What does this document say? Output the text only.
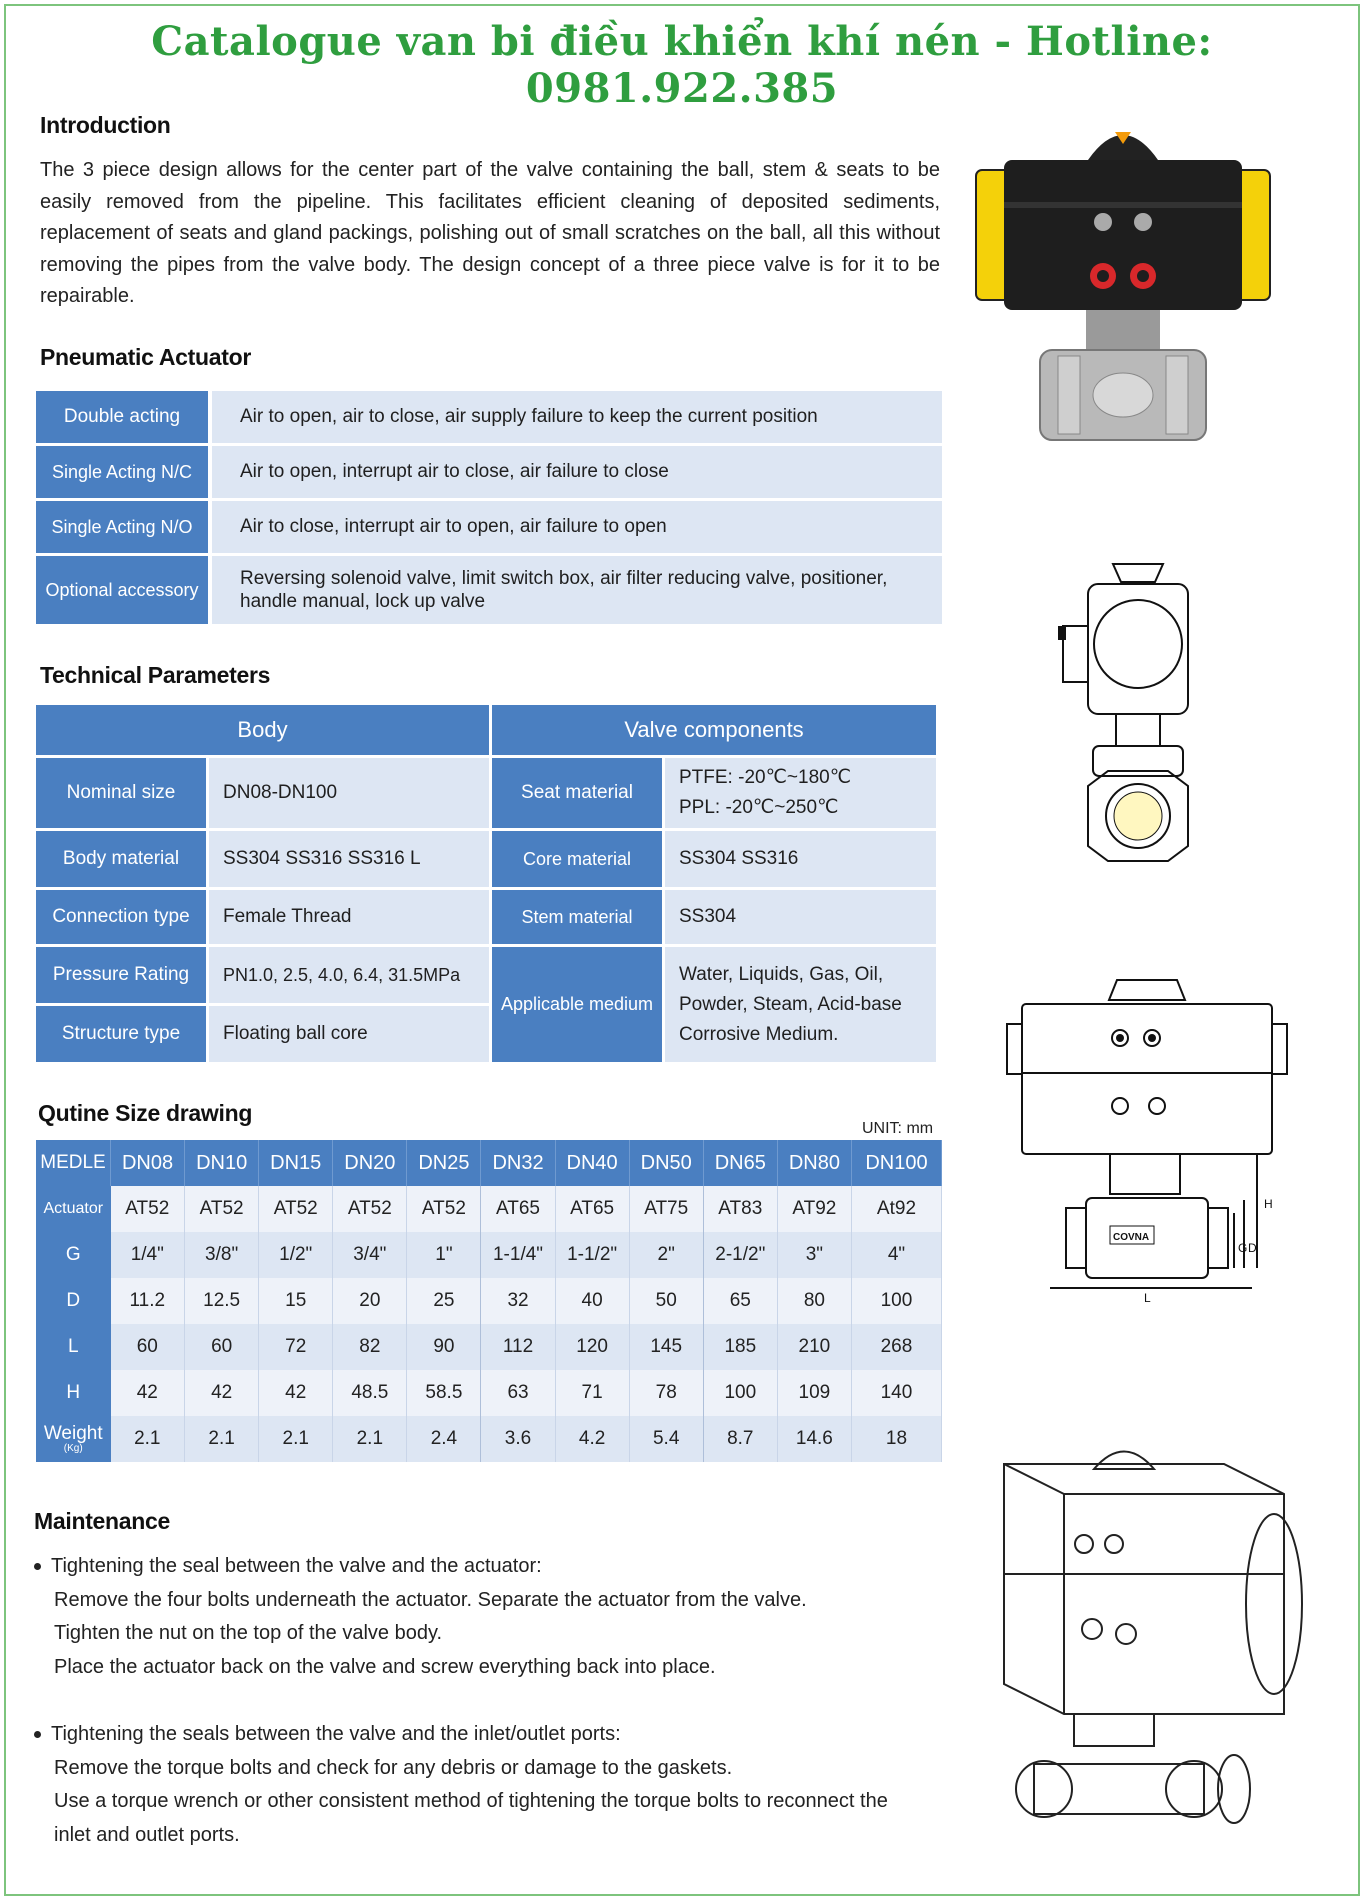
Catalogue van bi điều khiển khí nén - Hotline: 0981.922.385
Introduction
The 3 piece design allows for the center part of the valve containing the ball, stem & seats to be easily removed from the pipeline. This facilitates efficient cleaning of deposited sediments, replacement of seats and gland packings, polishing out of small scratches on the ball, all this without removing the pipes from the valve body. The design concept of a three piece valve is for it to be repairable.
Pneumatic Actuator
Double acting	Air to open, air to close, air supply failure to keep the current position
Single Acting N/C	Air to open, interrupt air to close, air failure to close
Single Acting N/O	Air to close, interrupt air to open, air failure to open
Optional accessory	Reversing solenoid valve, limit switch box, air filter reducing valve, positioner,
handle manual, lock up valve
Technical Parameters
Body		Valve components	
Nominal size	DN08-DN100	Seat material	PTFE: -20℃~180℃
PPL: -20℃~250℃

Body material	SS304 SS316 SS316 L	Core material	SS304 SS316
Connection type	Female Thread	Stem material	SS304
Pressure Rating	PN1.0, 2.5, 4.0, 6.4, 31.5MPa	Applicable medium	Water, Liquids, Gas, Oil,
Powder, Steam, Acid-base
Corrosive Medium.

Structure type	Floating ball core		
Qutine Size drawing
UNIT: mm
MEDLE	DN08	DN10	DN15	DN20	DN25	DN32	DN40	DN50	DN65	DN80	DN100

Actuator	AT52	AT52	AT52	AT52	AT52	AT65	AT65	AT75	AT83	AT92	At92

G	1/4"	3/8"	1/2"	3/4"	1"	1-1/4"	1-1/2"	2"	2-1/2"	3"	4"

D	11.2	12.5	15	20	25	32	40	50	65	80	100

L	60	60	72	82	90	112	120	145	185	210	268

H	42	42	42	48.5	58.5	63	71	78	100	109	140

Weight
(Kg)	2.1	2.1	2.1	2.1	2.4	3.6	4.2	5.4	8.7	14.6	18
Maintenance
Tightening the seal between the valve and the actuator:
Remove the four bolts underneath the actuator. Separate the actuator from the valve.
Tighten the nut on the top of the valve body.
Place the actuator back on the valve and screw everything back into place.
Tightening the seals between the valve and the inlet/outlet ports:
Remove the torque bolts and check for any debris or damage to the gaskets.
Use a torque wrench or other consistent method of tightening the torque bolts to reconnect the
inlet and outlet ports.
COVNA
H
G D
L
